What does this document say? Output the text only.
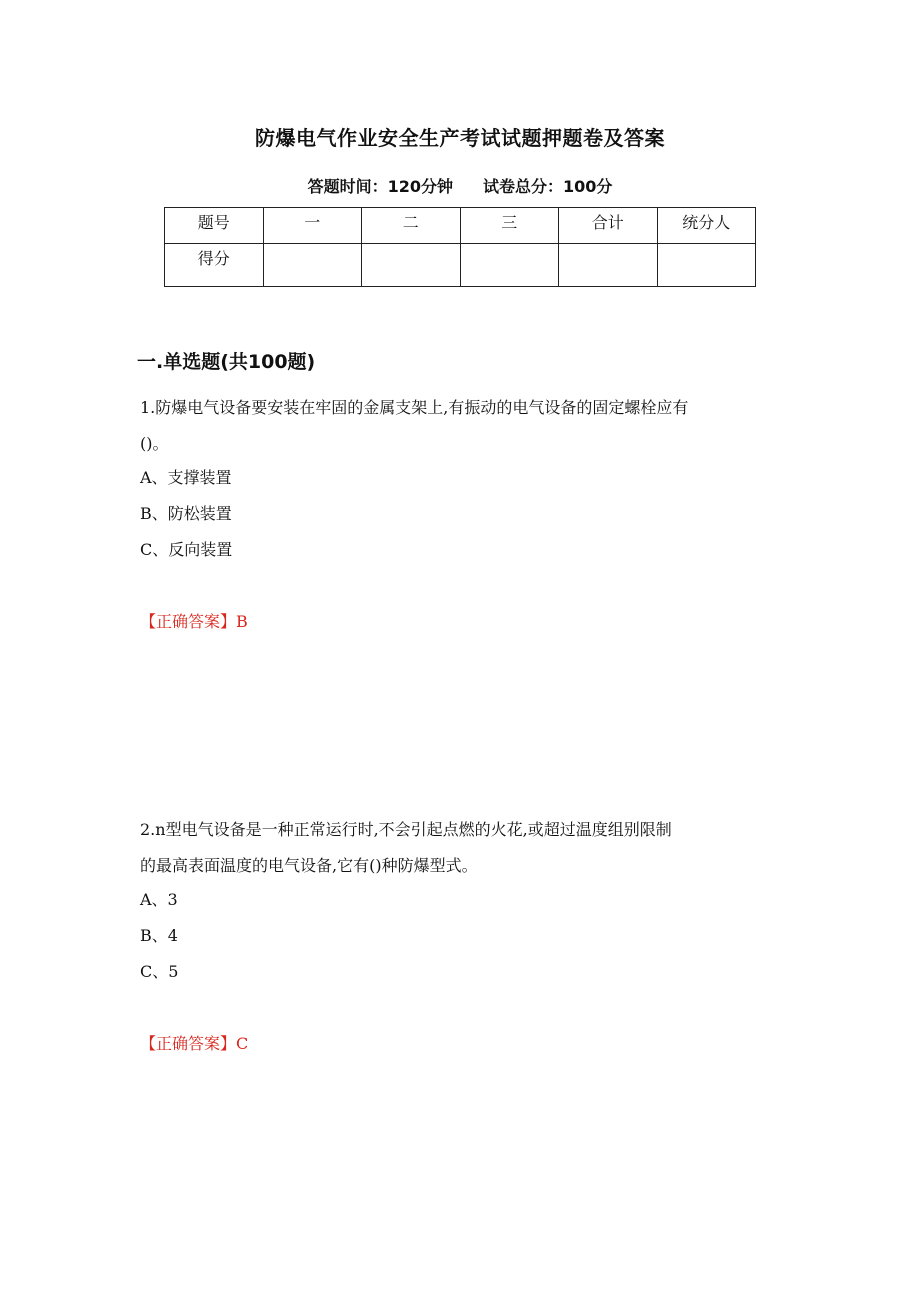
防爆电气作业安全生产考试试题押题卷及答案
答题时间：120分钟 试卷总分：100分
题号	一	二	三	合计	统分人
得分					
一.单选题(共100题)
1.防爆电气设备要安装在牢固的金属支架上,有振动的电气设备的固定螺栓应有
()。
A、支撑装置
B、防松装置
C、反向装置
【正确答案】B
2.n型电气设备是一种正常运行时,不会引起点燃的火花,或超过温度组别限制
的最高表面温度的电气设备,它有()种防爆型式。
A、3
B、4
C、5
【正确答案】C
